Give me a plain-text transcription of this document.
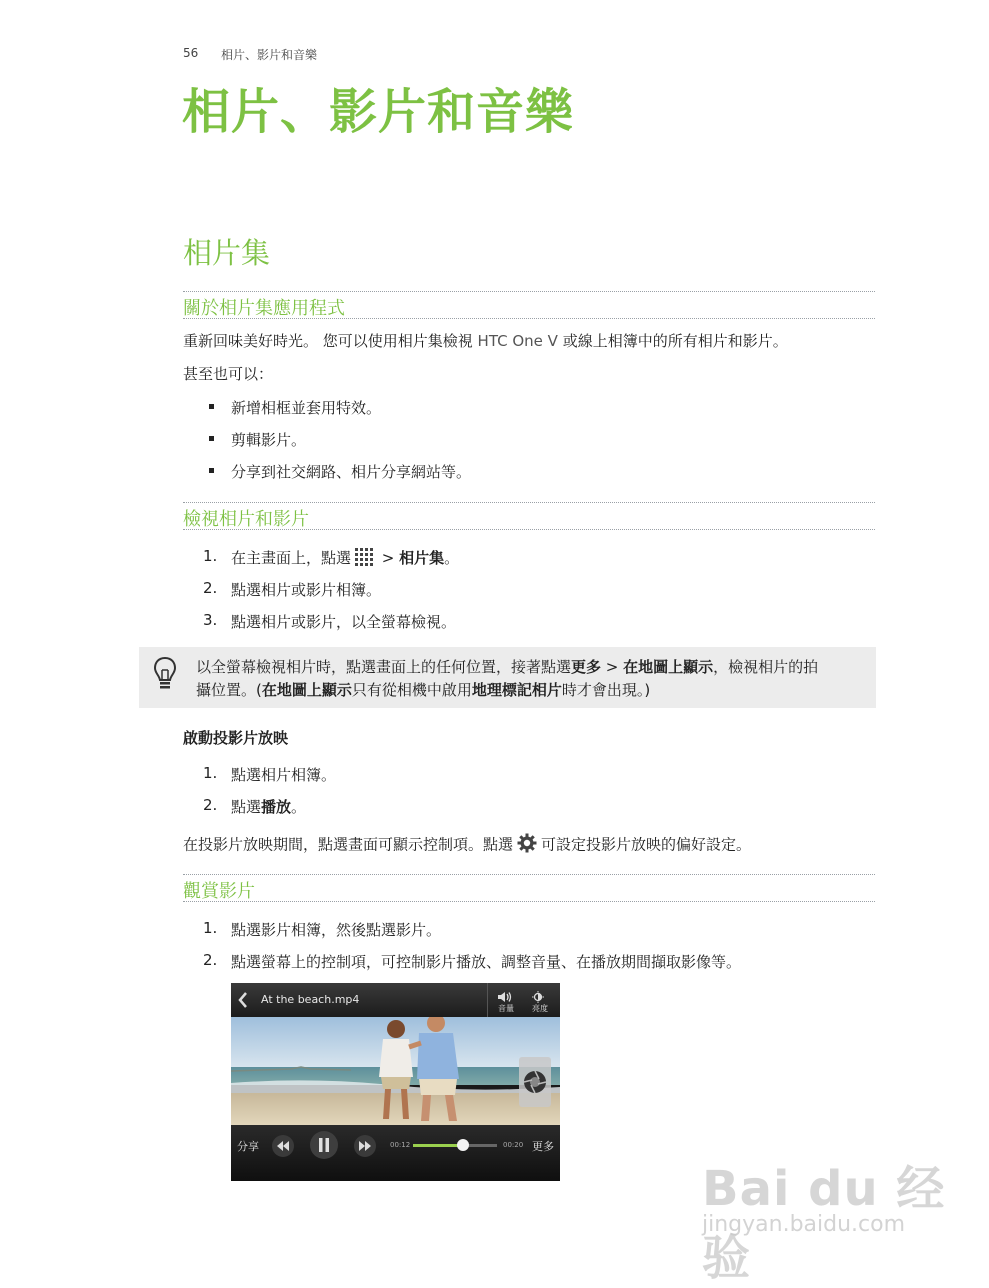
56 相片、影片和音樂
相片、影片和音樂
相片集
關於相片集應用程式
重新回味美好時光。 您可以使用相片集檢視 HTC One V 或線上相簿中的所有相片和影片。
甚至也可以：
新增相框並套用特效。
剪輯影片。
分享到社交網路、相片分享網站等。
檢視相片和影片
1. 在主畫面上，點選 > 相片集。
2. 點選相片或影片相簿。
3. 點選相片或影片，以全螢幕檢視。
以全螢幕檢視相片時，點選畫面上的任何位置，接著點選更多 > 在地圖上顯示，檢視相片的拍
攝位置。(在地圖上顯示只有從相機中啟用地理標記相片時才會出現。)
啟動投影片放映
1. 點選相片相簿。
2. 點選播放。
在投影片放映期間，點選畫面可顯示控制項。點選 可設定投影片放映的偏好設定。
觀賞影片
1. 點選影片相簿，然後點選影片。
2. 點選螢幕上的控制項，可控制影片播放、調整音量、在播放期間擷取影像等。
At the beach.mp4
音量 亮度
分享	00:12	00:20 更多
Bai du 经验
jingyan.baidu.com
